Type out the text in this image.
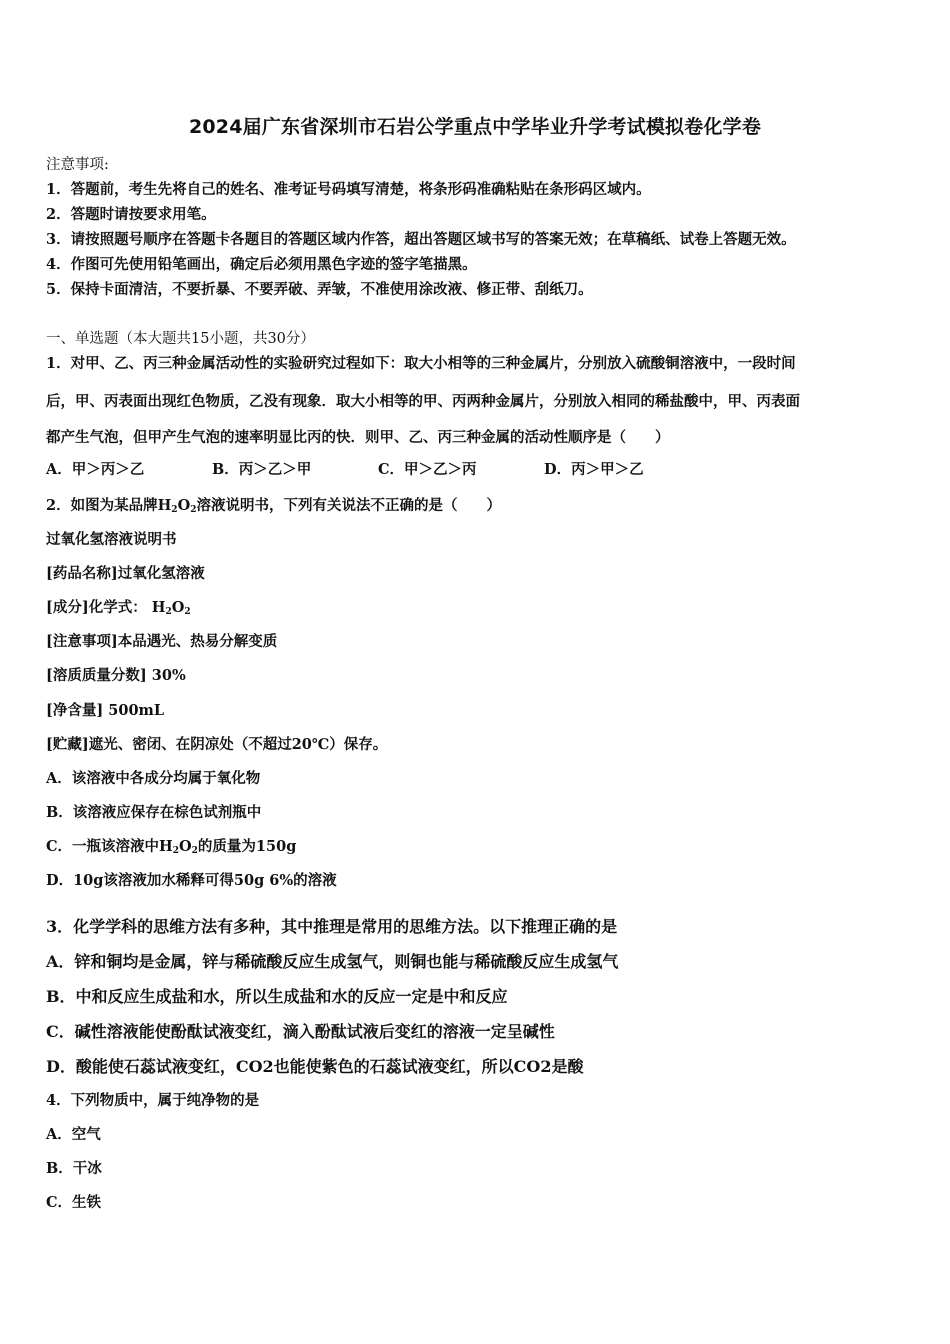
2024届广东省深圳市石岩公学重点中学毕业升学考试模拟卷化学卷
注意事项:
1．答题前，考生先将自己的姓名、准考证号码填写清楚，将条形码准确粘贴在条形码区域内。
2．答题时请按要求用笔。
3．请按照题号顺序在答题卡各题目的答题区域内作答，超出答题区域书写的答案无效；在草稿纸、试卷上答题无效。
4．作图可先使用铅笔画出，确定后必须用黑色字迹的签字笔描黑。
5．保持卡面清洁，不要折暴、不要弄破、弄皱，不准使用涂改液、修正带、刮纸刀。
一、单选题（本大题共15小题，共30分）
1．对甲、乙、丙三种金属活动性的实验研究过程如下：取大小相等的三种金属片，分别放入硫酸铜溶液中，一段时间
后，甲、丙表面出现红色物质，乙没有现象．取大小相等的甲、丙两种金属片，分别放入相同的稀盐酸中，甲、丙表面
都产生气泡，但甲产生气泡的速率明显比丙的快．则甲、乙、丙三种金属的活动性顺序是（　　）
A．甲＞丙＞乙	B．丙＞乙＞甲	C．甲＞乙＞丙	D．丙＞甲＞乙
2．如图为某品牌$H_2O_2$溶液说明书，下列有关说法不正确的是（　　）
过氧化氢溶液说明书
[药品名称]过氧化氢溶液
[成分]化学式： $H_2O_2$
[注意事项]本品遇光、热易分解变质
[溶质质量分数] 30%
[净含量] 500mL
[贮藏]遮光、密闭、在阴凉处（不超过20℃）保存。
A．该溶液中各成分均属于氧化物
B．该溶液应保存在棕色试剂瓶中
C．一瓶该溶液中$H_2O_2$的质量为150g
D．10g该溶液加水稀释可得50g 6%的溶液
3．化学学科的思维方法有多种，其中推理是常用的思维方法。以下推理正确的是
A．锌和铜均是金属，锌与稀硫酸反应生成氢气，则铜也能与稀硫酸反应生成氢气
B．中和反应生成盐和水，所以生成盐和水的反应一定是中和反应
C．碱性溶液能使酚酞试液变红，滴入酚酞试液后变红的溶液一定呈碱性
D．酸能使石蕊试液变红，CO2也能使紫色的石蕊试液变红，所以CO2是酸
4．下列物质中，属于纯净物的是
A．空气
B．干冰
C．生铁
